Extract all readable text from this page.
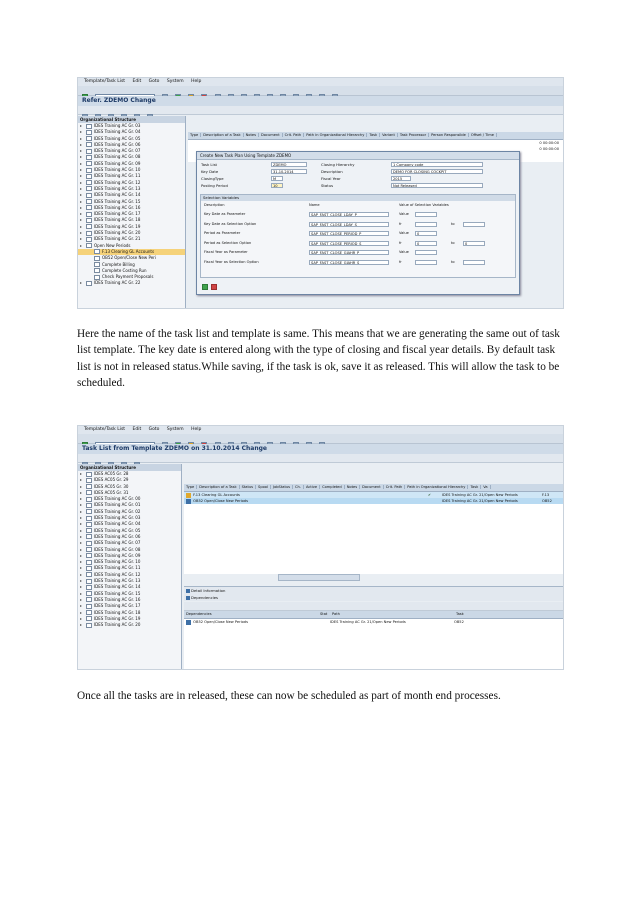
Template/Task List Edit Goto System Help

Refer. ZDEMO Change

Organizational Structure
IDES Training AC Gr. 03
IDES Training AC Gr. 04
IDES Training AC Gr. 05
IDES Training AC Gr. 06
IDES Training AC Gr. 07
IDES Training AC Gr. 08
IDES Training AC Gr. 09
IDES Training AC Gr. 10
IDES Training AC Gr. 11
IDES Training AC Gr. 12
IDES Training AC Gr. 13
IDES Training AC Gr. 14
IDES Training AC Gr. 15
IDES Training AC Gr. 16
IDES Training AC Gr. 17
IDES Training AC Gr. 18
IDES Training AC Gr. 19
IDES Training AC Gr. 20
IDES Training AC Gr. 21
Open New Periods
F.13 Clearing GL Accounts
OB52 Open/Close New Peri
Complete Billing
Complete Costing Run
Check Payment Proposals
IDES Training AC Gr. 22
Type Description of a Task Notes Document Crit. Path Path in Organizational Hierarchy Task Variant Task Processor Person Responsible Offset / Time
0 00:00:00
0 00:00:00
Create New Task Plan Using Template ZDEMO
Task List	ZDEMO
Key Date	31.10.2014
ClosingType	M
Posting Period	10
Closing Hierarchy	1 Company code
Description	DEMO FOR CLOSING COCKPIT
Fiscal Year	2015
Status	Not Released
Selection Variables
Description	Name	Value of Selection Variables
Key Date as Parameter	SAP_FAST_CLOSE_LDAY_P	Value
Key Date as Selection Option	SAP_FAST_CLOSE_LDAY_S	fr	to
Period as Parameter	SAP_FAST_CLOSE_PERIOD_P	Value	0
Period as Selection Option	SAP_FAST_CLOSE_PERIOD_S	fr	0	to	0
Fiscal Year as Parameter	SAP_FAST_CLOSE_GJAHR_P	Value
Fiscal Year as Selection Option	SAP_FAST_CLOSE_GJAHR_S	fr	to

Here the name of the task list and template is same. This means that we are generating the same out of task list template. The key date is entered along with the type of closing and fiscal year details. By default task list is not in released status.While saving, if the task is ok, save it as released. This will allow the task to be scheduled.

Template/Task List Edit Goto System Help

Task List from Template ZDEMO on 31.10.2014 Change

Organizational Structure
IDES AC05 Gr. 28
IDES AC05 Gr. 29
IDES AC05 Gr. 30
IDES AC05 Gr. 31
IDES Training AC Gr. 00
IDES Training AC Gr. 01
IDES Training AC Gr. 02
IDES Training AC Gr. 03
IDES Training AC Gr. 04
IDES Training AC Gr. 05
IDES Training AC Gr. 06
IDES Training AC Gr. 07
IDES Training AC Gr. 08
IDES Training AC Gr. 09
IDES Training AC Gr. 10
IDES Training AC Gr. 11
IDES Training AC Gr. 12
IDES Training AC Gr. 13
IDES Training AC Gr. 14
IDES Training AC Gr. 15
IDES Training AC Gr. 16
IDES Training AC Gr. 17
IDES Training AC Gr. 18
IDES Training AC Gr. 19
IDES Training AC Gr. 20
Type Description of a Task Status Spool JobStatus Ch. Active Completed Notes Document Crit. Path Path in Organizational Hierarchy Task Va
F.13 Clearing GL Accounts	✔	IDES Training AC Gr. 21/Open New Periods	F.13
OB52 Open/Close New Periods	IDES Training AC Gr. 21/Open New Periods	OB52
Detail Information
Dependencies
Dependencies	Stat	Path	Task
OB52 Open/Close New Periods	IDES Training AC Gr. 21/Open New Periods	OB52

Once all the tasks are in released, these can now be scheduled as part of month end processes.
